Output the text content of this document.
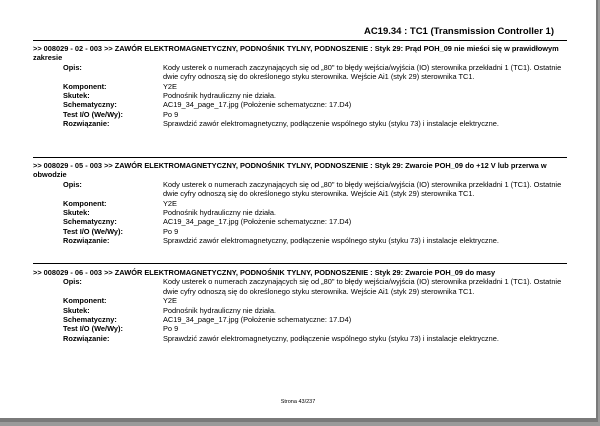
AC19.34 : TC1 (Transmission Controller 1)
>> 008029 - 02 - 003 >> ZAWÓR ELEKTROMAGNETYCZNY, PODNOŚNIK TYLNY, PODNOSZENIE : Styk 29: Prąd POH_09 nie mieści się w prawidłowym zakresie
Opis:	Kody usterek o numerach zaczynających się od „80" to błędy wejścia/wyjścia (IO) sterownika przekładni 1 (TC1). Ostatnie dwie cyfry odnoszą się do określonego styku sterownika. Wejście Ai1 (styk 29) sterownika TC1.
Komponent:	Y2E
Skutek:	Podnośnik hydrauliczny nie działa.
Schematyczny:	AC19_34_page_17.jpg (Położenie schematyczne: 17.D4)
Test I/O (We/Wy):	Po 9
Rozwiązanie:	Sprawdzić zawór elektromagnetyczny, podłączenie wspólnego styku (styku 73) i instalacje elektryczne.
>> 008029 - 05 - 003 >> ZAWÓR ELEKTROMAGNETYCZNY, PODNOŚNIK TYLNY, PODNOSZENIE : Styk 29: Zwarcie POH_09 do +12 V lub przerwa w obwodzie
Opis:	Kody usterek o numerach zaczynających się od „80" to błędy wejścia/wyjścia (IO) sterownika przekładni 1 (TC1). Ostatnie dwie cyfry odnoszą się do określonego styku sterownika. Wejście Ai1 (styk 29) sterownika TC1.
Komponent:	Y2E
Skutek:	Podnośnik hydrauliczny nie działa.
Schematyczny:	AC19_34_page_17.jpg (Położenie schematyczne: 17.D4)
Test I/O (We/Wy):	Po 9
Rozwiązanie:	Sprawdzić zawór elektromagnetyczny, podłączenie wspólnego styku (styku 73) i instalacje elektryczne.
>> 008029 - 06 - 003 >> ZAWÓR ELEKTROMAGNETYCZNY, PODNOŚNIK TYLNY, PODNOSZENIE : Styk 29: Zwarcie POH_09 do masy
Opis:	Kody usterek o numerach zaczynających się od „80" to błędy wejścia/wyjścia (IO) sterownika przekładni 1 (TC1). Ostatnie dwie cyfry odnoszą się do określonego styku sterownika. Wejście Ai1 (styk 29) sterownika TC1.
Komponent:	Y2E
Skutek:	Podnośnik hydrauliczny nie działa.
Schematyczny:	AC19_34_page_17.jpg (Położenie schematyczne: 17.D4)
Test I/O (We/Wy):	Po 9
Rozwiązanie:	Sprawdzić zawór elektromagnetyczny, podłączenie wspólnego styku (styku 73) i instalacje elektryczne.
Strona 43/237
